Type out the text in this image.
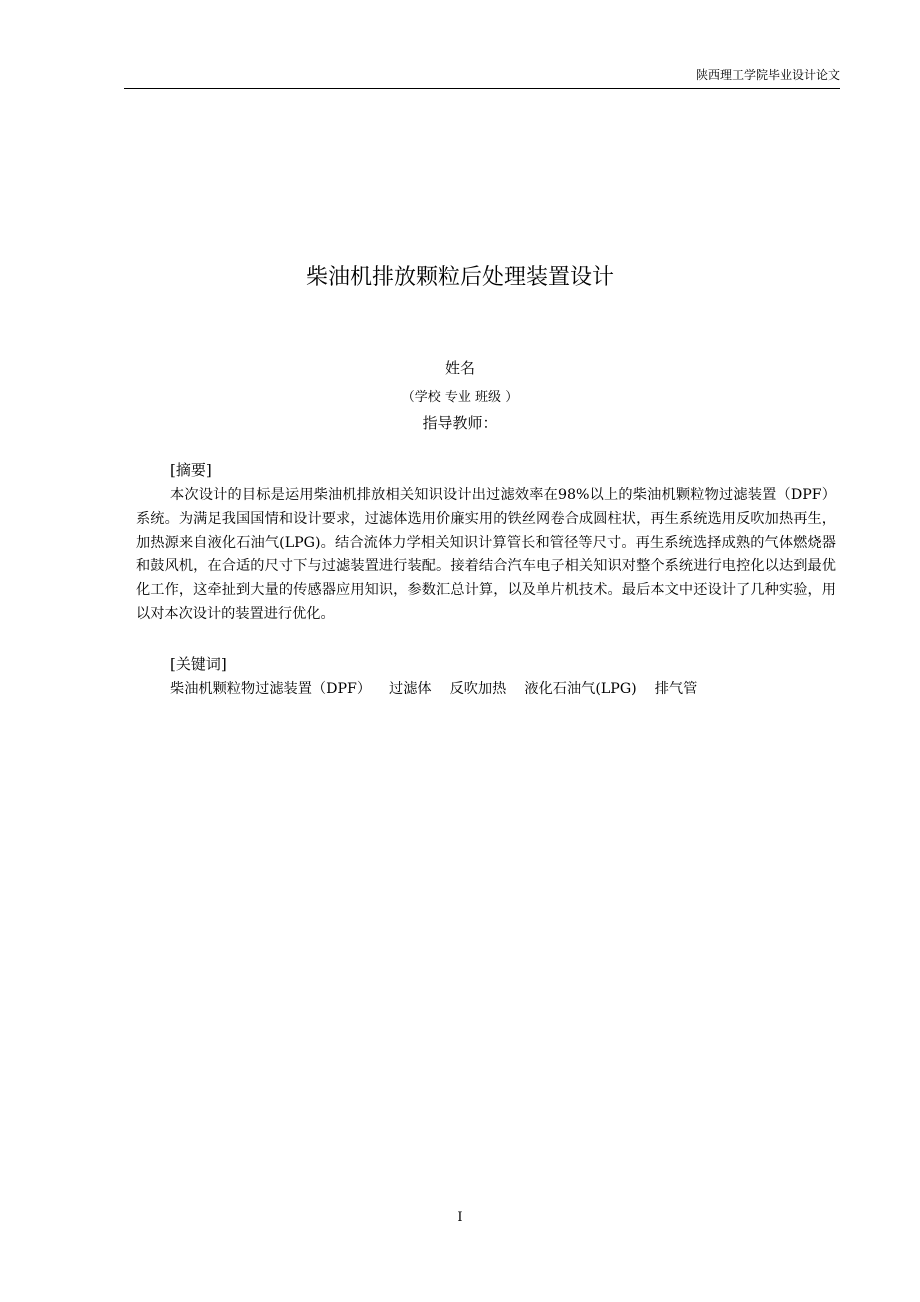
陕西理工学院毕业设计论文
柴油机排放颗粒后处理装置设计
姓名
（学校 专业 班级 ）
指导教师：
[摘要]

本次设计的目标是运用柴油机排放相关知识设计出过滤效率在98%以上的柴油机颗粒物过滤装置（DPF）系统。为满足我国国情和设计要求，过滤体选用价廉实用的铁丝网卷合成圆柱状，再生系统选用反吹加热再生，加热源来自液化石油气(LPG)。结合流体力学相关知识计算管长和管径等尺寸。再生系统选择成熟的气体燃烧器和鼓风机，在合适的尺寸下与过滤装置进行装配。接着结合汽车电子相关知识对整个系统进行电控化以达到最优化工作，这牵扯到大量的传感器应用知识，参数汇总计算，以及单片机技术。最后本文中还设计了几种实验，用以对本次设计的装置进行优化。

[关键词]
柴油机颗粒物过滤装置（DPF） 过滤体 反吹加热 液化石油气(LPG) 排气管
I
